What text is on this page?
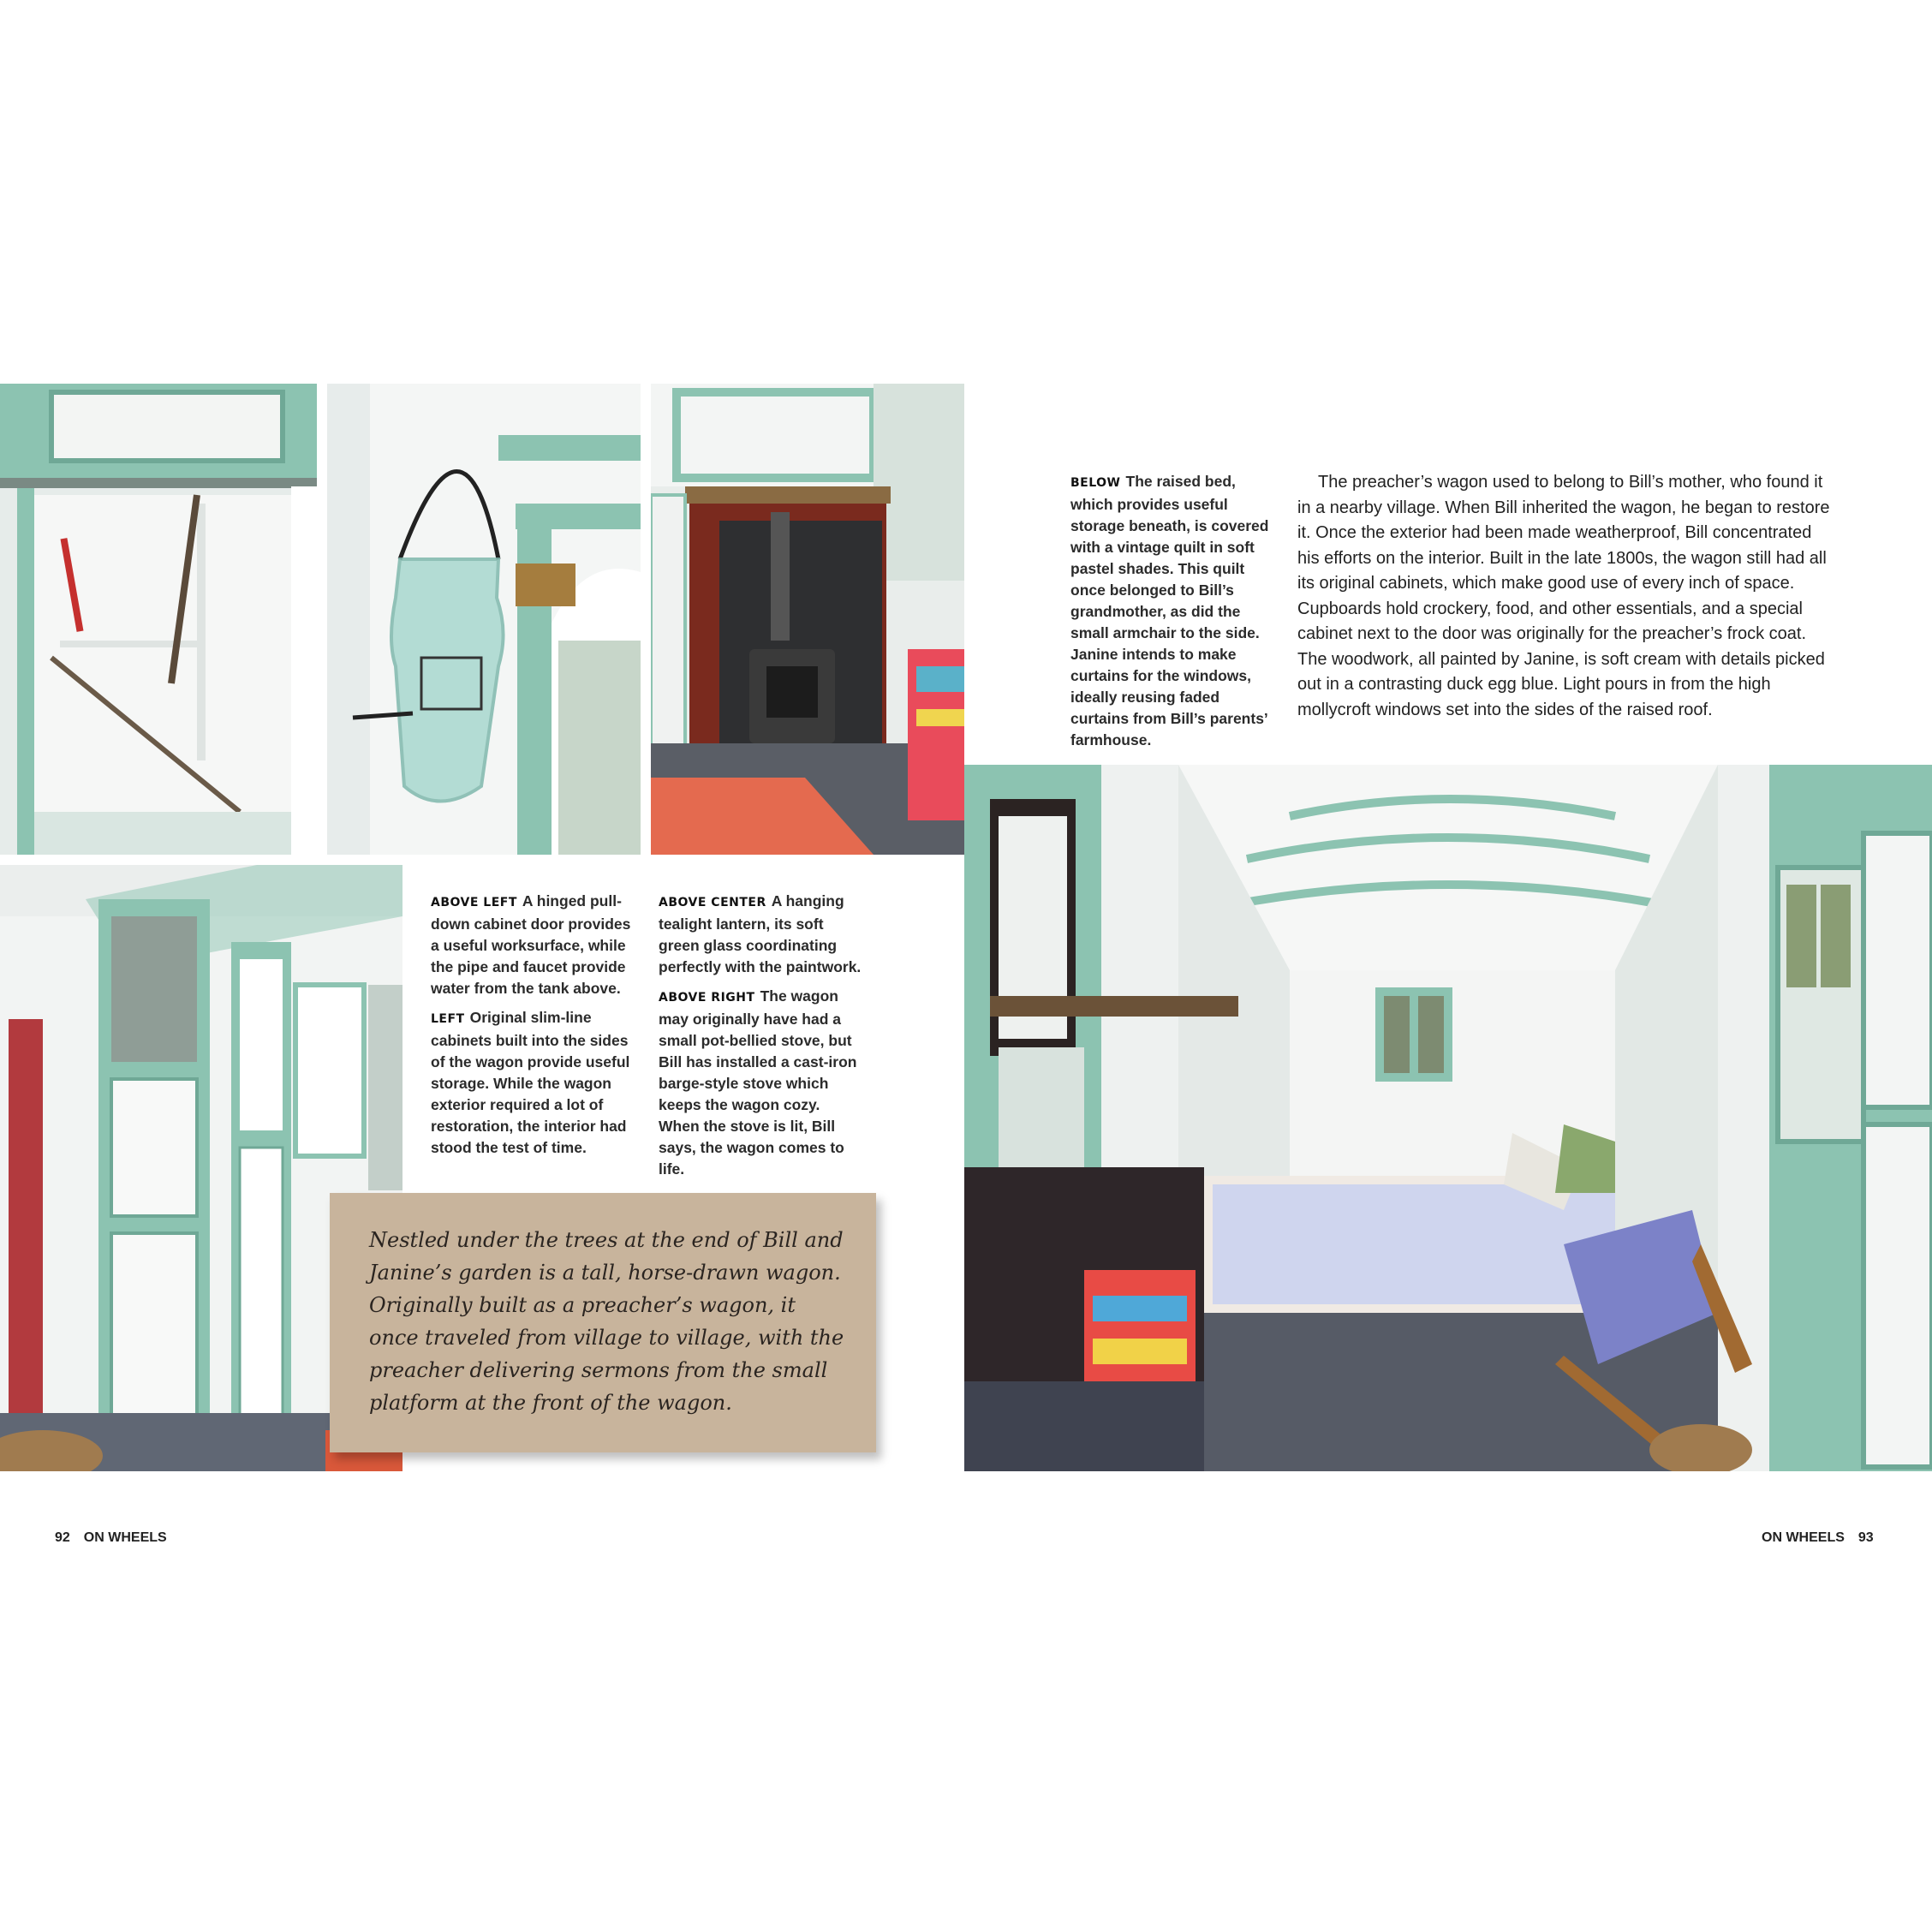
ABOVE LEFT A hinged pull-down cabinet door provides a useful worksurface, while the pipe and faucet provide water from the tank above.

LEFT Original slim-line cabinets built into the sides of the wagon provide useful storage. While the wagon exterior required a lot of restoration, the interior had stood the test of time.

ABOVE CENTER A hanging tealight lantern, its soft green glass coordinating perfectly with the paintwork.

ABOVE RIGHT The wagon may originally have had a small pot-bellied stove, but Bill has installed a cast-iron barge-style stove which keeps the wagon cozy. When the stove is lit, Bill says, the wagon comes to life.

BELOW The raised bed, which provides useful storage beneath, is covered with a vintage quilt in soft pastel shades. This quilt once belonged to Bill’s grandmother, as did the small armchair to the side. Janine intends to make curtains for the windows, ideally reusing faded curtains from Bill’s parents’ farmhouse.

The preacher’s wagon used to belong to Bill’s mother, who found it in a nearby village. When Bill inherited the wagon, he began to restore it. Once the exterior had been made weatherproof, Bill concentrated his efforts on the interior. Built in the late 1800s, the wagon still had all its original cabinets, which make good use of every inch of space. Cupboards hold crockery, food, and other essentials, and a special cabinet next to the door was originally for the preacher’s frock coat. The woodwork, all painted by Janine, is soft cream with details picked out in a contrasting duck egg blue. Light pours in from the high mollycroft windows set into the sides of the raised roof.

Nestled under the trees at the end of Bill and Janine’s garden is a tall, horse-drawn wagon. Originally built as a preacher’s wagon, it once traveled from village to village, with the preacher delivering sermons from the small platform at the front of the wagon.

92 ON WHEELS	ON WHEELS 93
